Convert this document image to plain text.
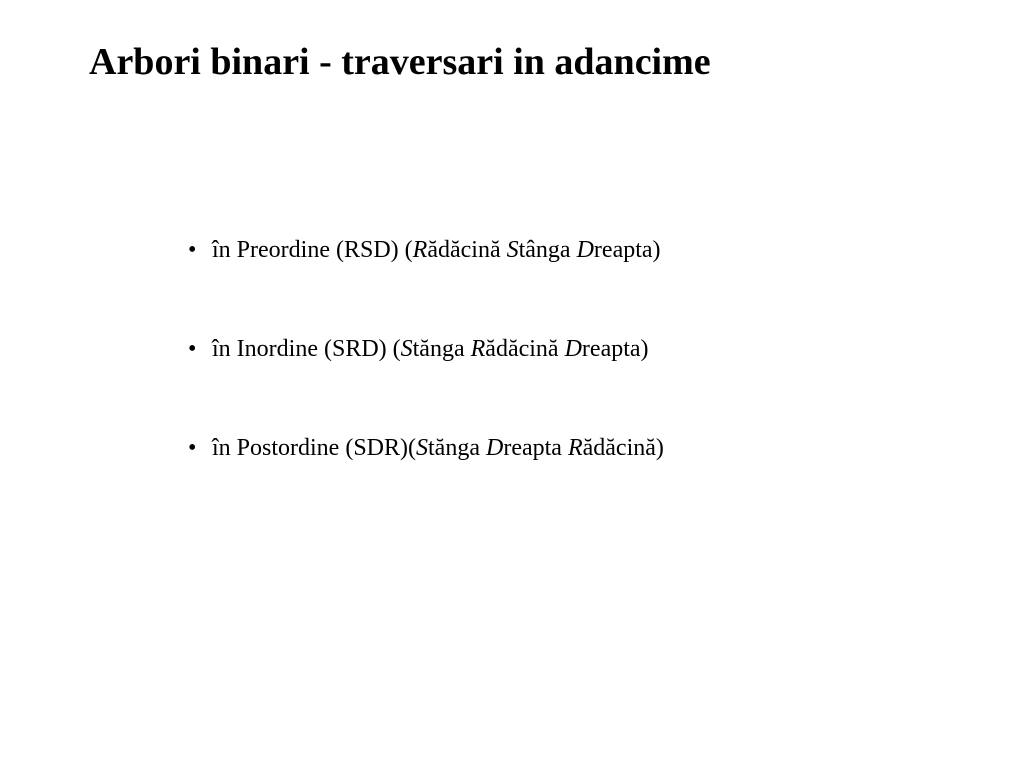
Arbori binari - traversari in adancime
• în Preordine (RSD) (Rădăcină Stânga Dreapta)
• în Inordine (SRD) (Stănga Rădăcină Dreapta)
• în Postordine (SDR)(Stănga Dreapta Rădăcină)
